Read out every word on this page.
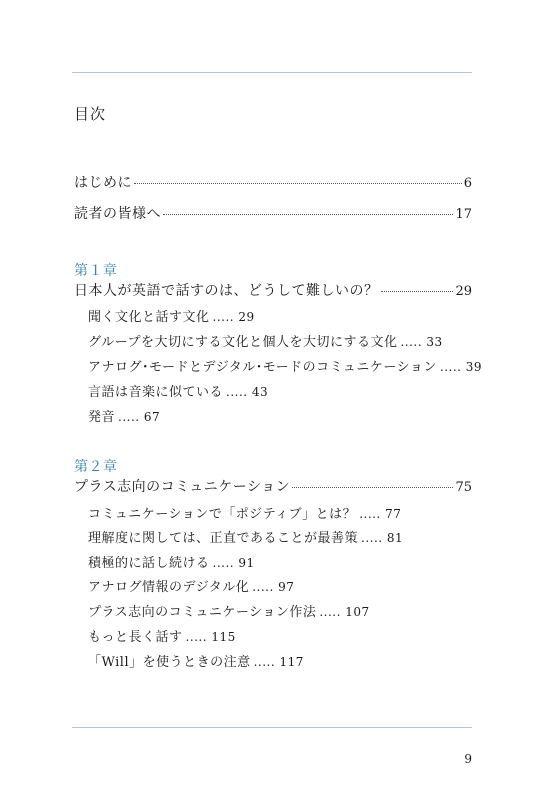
目次
はじめに	6
読者の皆様へ	17
第１章
日本人が英語で話すのは、どうして難しいの？	29
聞く文化と話す文化 ..... 29
グループを大切にする文化と個人を大切にする文化 ..... 33
アナログ･モードとデジタル･モードのコミュニケーション ..... 39
言語は音楽に似ている ..... 43
発音 ..... 67
第２章
プラス志向のコミュニケーション	75
コミュニケーションで「ポジティブ」とは？ ..... 77
理解度に関しては、正直であることが最善策 ..... 81
積極的に話し続ける ..... 91
アナログ情報のデジタル化 ..... 97
プラス志向のコミュニケーション作法 ..... 107
もっと長く話す ..... 115
「Will」を使うときの注意 ..... 117
9
